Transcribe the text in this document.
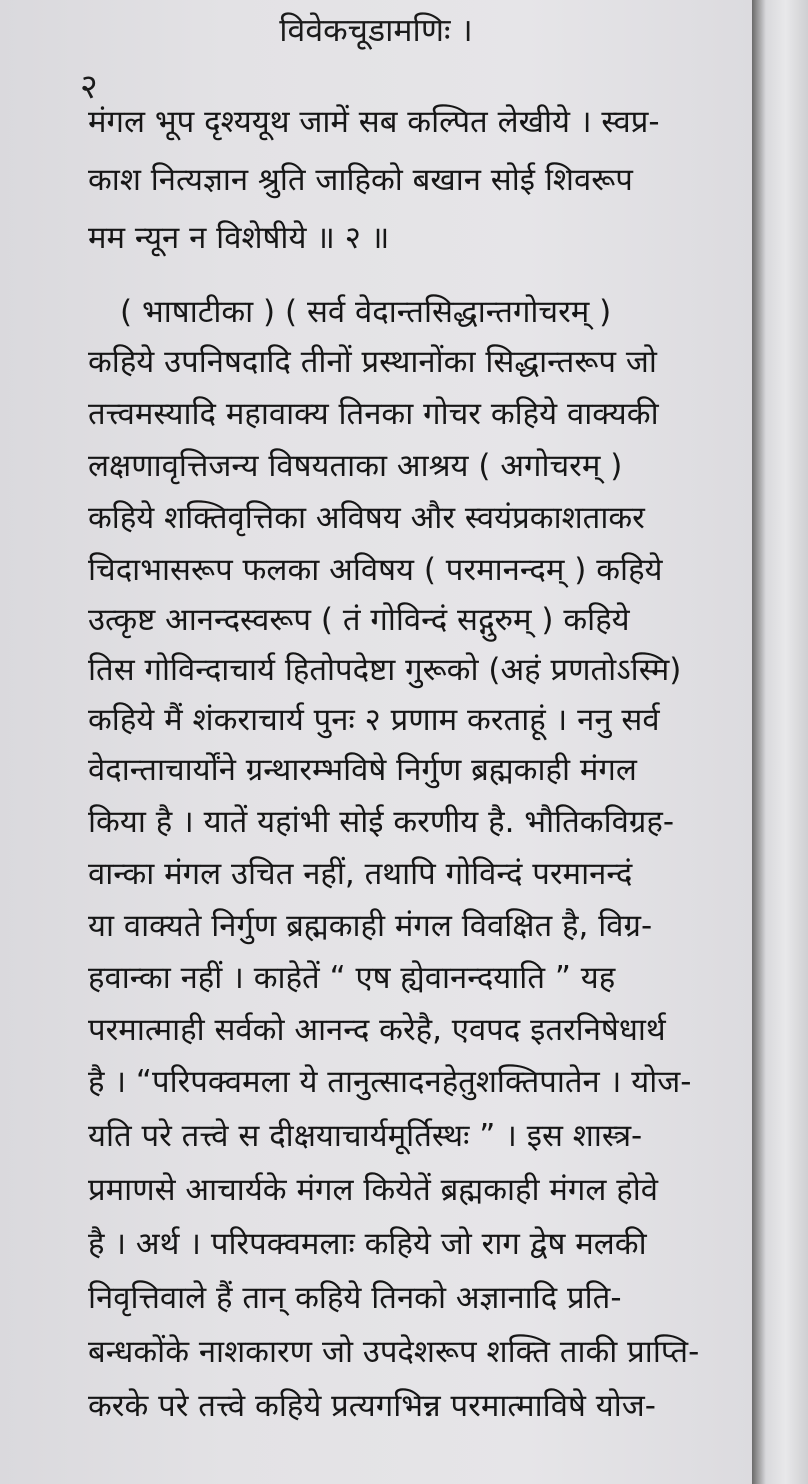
विवेकचूडामणिः ।
२
मंगल भूप दृश्ययूथ जामें सब कल्पित लेखीये । स्वप्र-
काश नित्यज्ञान श्रुति जाहिको बखान सोई शिवरूप
मम न्यून न विशेषीये ॥ २ ॥
( भाषाटीका ) ( सर्व वेदान्तसिद्धान्तगोचरम् )
कहिये उपनिषदादि तीनों प्रस्थानोंका सिद्धान्तरूप जो
तत्त्वमस्यादि महावाक्य तिनका गोचर कहिये वाक्यकी
लक्षणावृत्तिजन्य विषयताका आश्रय ( अगोचरम् )
कहिये शक्तिवृत्तिका अविषय और स्वयंप्रकाशताकर
चिदाभासरूप फलका अविषय ( परमानन्दम् ) कहिये
उत्कृष्ट आनन्दस्वरूप ( तं गोविन्दं सद्गुरुम् ) कहिये
तिस गोविन्दाचार्य हितोपदेष्टा गुरूको (अहं प्रणतोऽस्मि)
कहिये मैं शंकराचार्य पुनः २ प्रणाम करताहूं । ननु सर्व
वेदान्ताचार्योंने ग्रन्थारम्भविषे निर्गुण ब्रह्मकाही मंगल
किया है । यातें यहांभी सोई करणीय है. भौतिकविग्रह-
वान्का मंगल उचित नहीं, तथापि गोविन्दं परमानन्दं
या वाक्यते निर्गुण ब्रह्मकाही मंगल विवक्षित है, विग्र-
हवान्का नहीं । काहेतें “ एष ह्येवानन्दयाति ” यह
परमात्माही सर्वको आनन्द करेहै, एवपद इतरनिषेधार्थ
है । “परिपक्वमला ये तानुत्सादनहेतुशक्तिपातेन । योज-
यति परे तत्त्वे स दीक्षयाचार्यमूर्तिस्थः ” । इस शास्त्र-
प्रमाणसे आचार्यके मंगल कियेतें ब्रह्मकाही मंगल होवे
है । अर्थ । परिपक्वमलाः कहिये जो राग द्वेष मलकी
निवृत्तिवाले हैं तान् कहिये तिनको अज्ञानादि प्रति-
बन्धकोंके नाशकारण जो उपदेशरूप शक्ति ताकी प्राप्ति-
करके परे तत्त्वे कहिये प्रत्यगभिन्न परमात्माविषे योज-
